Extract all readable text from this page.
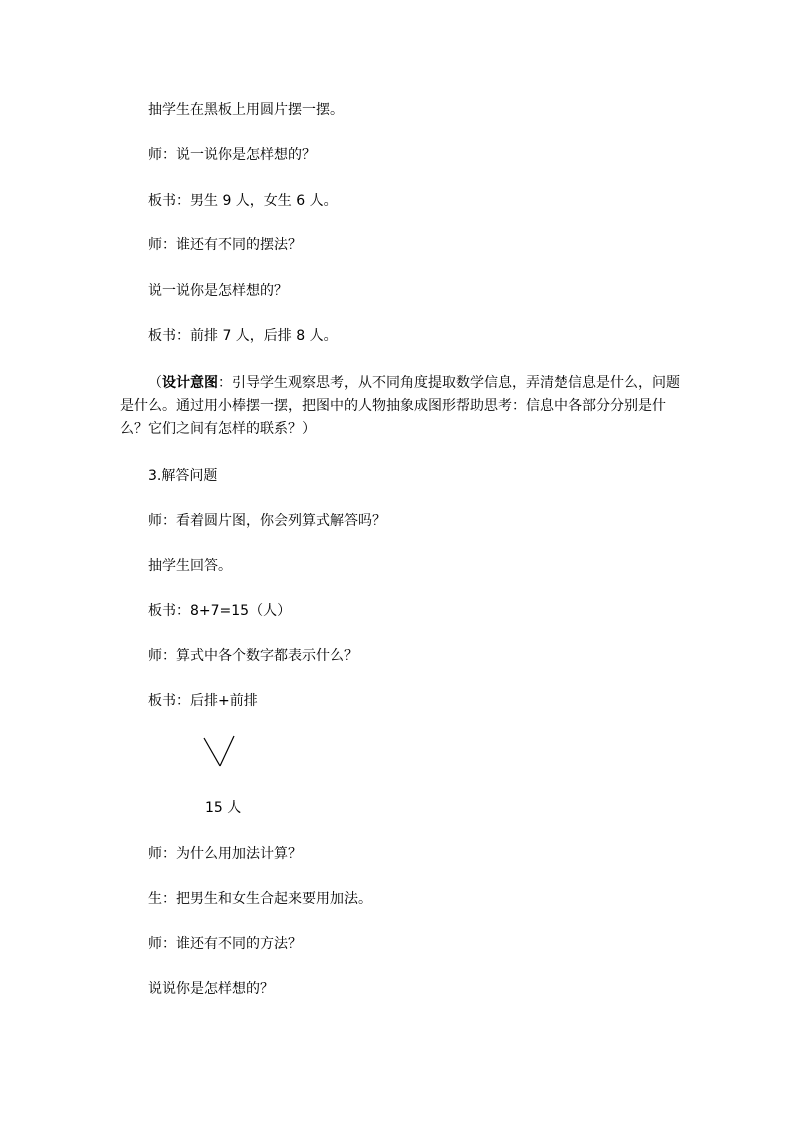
抽学生在黑板上用圆片摆一摆。
师：说一说你是怎样想的？
板书：男生 9 人，女生 6 人。
师：谁还有不同的摆法？
说一说你是怎样想的？
板书：前排 7 人，后排 8 人。
（设计意图：引导学生观察思考，从不同角度提取数学信息，弄清楚信息是什么，问题是什么。通过用小棒摆一摆，把图中的人物抽象成图形帮助思考：信息中各部分分别是什么？它们之间有怎样的联系？）
3.解答问题
师：看着圆片图，你会列算式解答吗？
抽学生回答。
板书：8+7=15（人）
师：算式中各个数字都表示什么？
板书：后排+前排
15 人
师：为什么用加法计算？
生：把男生和女生合起来要用加法。
师：谁还有不同的方法？
说说你是怎样想的？
